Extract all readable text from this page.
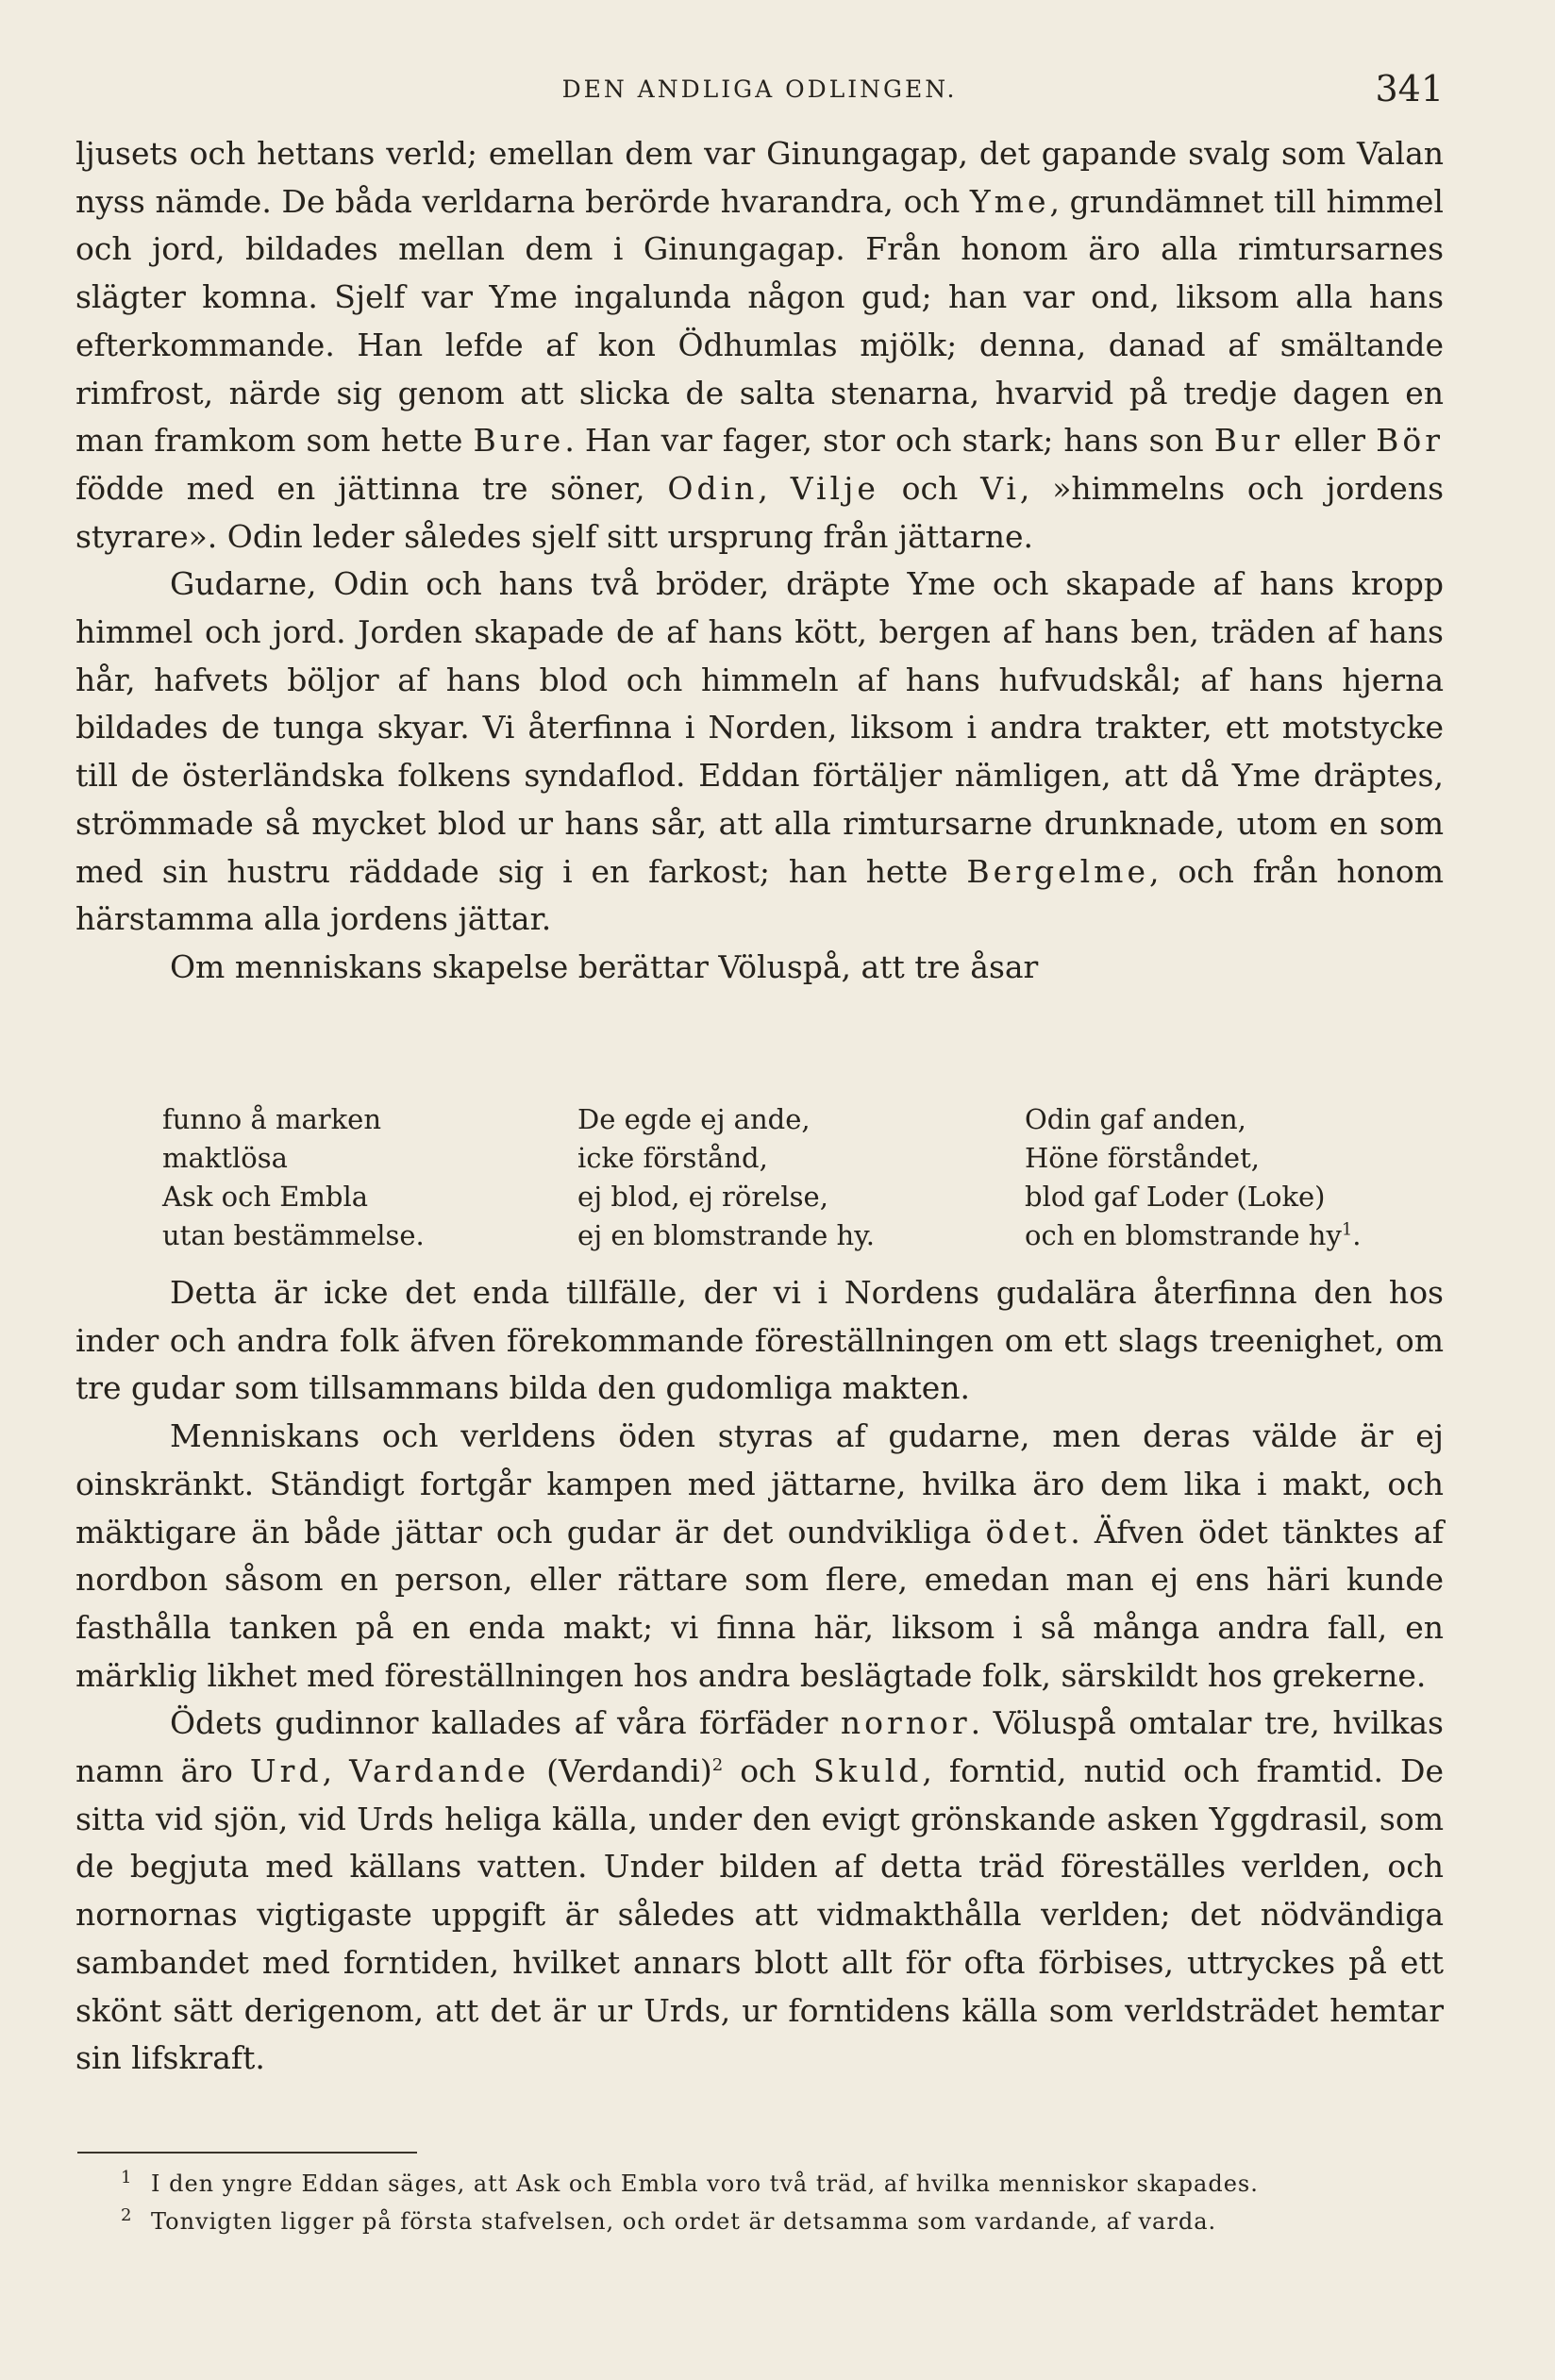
DEN ANDLIGA ODLINGEN.	341

ljusets och hettans verld; emellan dem var Ginungagap, det gapande svalg som Valan nyss nämde. De båda verldarna berörde hvarandra, och Yme, grundämnet till himmel och jord, bildades mellan dem i Ginungagap. Från honom äro alla rimtursarnes slägter komna. Sjelf var Yme ingalunda någon gud; han var ond, liksom alla hans efterkommande. Han lefde af kon Ödhumlas mjölk; denna, danad af smältande rimfrost, närde sig genom att slicka de salta stenarna, hvarvid på tredje dagen en man framkom som hette Bure. Han var fager, stor och stark; hans son Bur eller Bör födde med en jättinna tre söner, Odin, Vilje och Vi, »himmelns och jordens styrare». Odin leder således sjelf sitt ursprung från jättarne.

Gudarne, Odin och hans två bröder, dräpte Yme och skapade af hans kropp himmel och jord. Jorden skapade de af hans kött, bergen af hans ben, träden af hans hår, hafvets böljor af hans blod och himmeln af hans hufvudskål; af hans hjerna bildades de tunga skyar. Vi återfinna i Norden, liksom i andra trakter, ett motstycke till de österländska folkens syndaflod. Eddan förtäljer nämligen, att då Yme dräptes, strömmade så mycket blod ur hans sår, att alla rimtursarne drunknade, utom en som med sin hustru räddade sig i en farkost; han hette Bergelme, och från honom härstamma alla jordens jättar.

Om menniskans skapelse berättar Völuspå, att tre åsar

funno å marken
maktlösa
Ask och Embla
utan bestämmelse.
De egde ej ande,
icke förstånd,
ej blod, ej rörelse,
ej en blomstrande hy.
Odin gaf anden,
Höne förståndet,
blod gaf Loder (Loke)
och en blomstrande $hy^1$.

Detta är icke det enda tillfälle, der vi i Nordens gudalära återfinna den hos inder och andra folk äfven förekommande föreställningen om ett slags treenighet, om tre gudar som tillsammans bilda den gudomliga makten.

Menniskans och verldens öden styras af gudarne, men deras välde är ej oinskränkt. Ständigt fortgår kampen med jättarne, hvilka äro dem lika i makt, och mäktigare än både jättar och gudar är det oundvikliga ödet. Äfven ödet tänktes af nordbon såsom en person, eller rättare som flere, emedan man ej ens häri kunde fasthålla tanken på en enda makt; vi finna här, liksom i så många andra fall, en märklig likhet med föreställningen hos andra beslägtade folk, särskildt hos grekerne.

Ödets gudinnor kallades af våra förfäder nornor. Völuspå omtalar tre, hvilkas namn äro Urd, Vardande (Verdandi)$^2$ och Skuld, forntid, nutid och framtid. De sitta vid sjön, vid Urds heliga källa, under den evigt grönskande asken Yggdrasil, som de begjuta med källans vatten. Under bilden af detta träd föreställes verlden, och nornornas vigtigaste uppgift är således att vidmakthålla verlden; det nödvändiga sambandet med forntiden, hvilket annars blott allt för ofta förbises, uttryckes på ett skönt sätt derigenom, att det är ur Urds, ur forntidens källa som verldsträdet hemtar sin lifskraft.

1 I den yngre Eddan säges, att Ask och Embla voro två träd, af hvilka menniskor skapades.
2 Tonvigten ligger på första stafvelsen, och ordet är detsamma som vardande, af varda.
